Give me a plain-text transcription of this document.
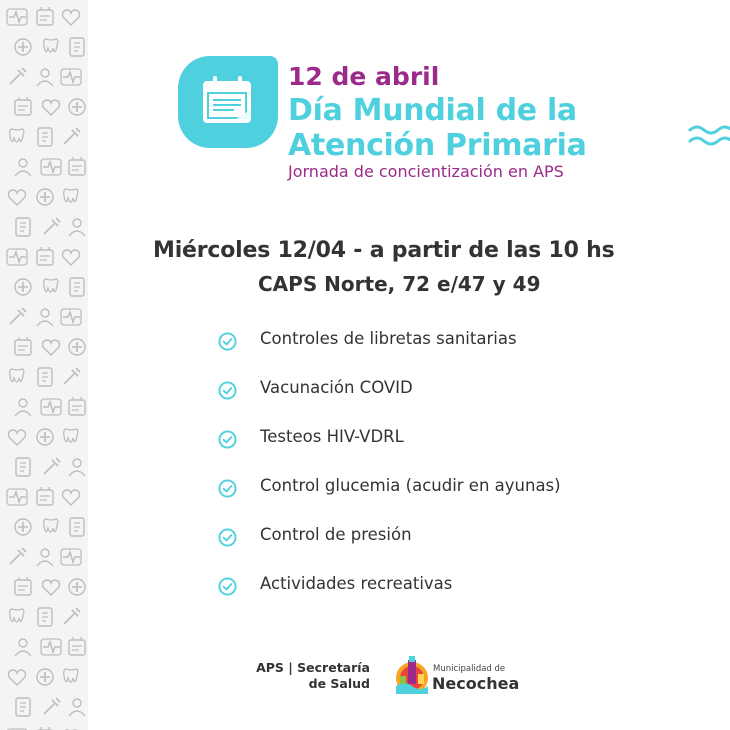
12 de abril
Día Mundial de la
Atención Primaria
Jornada de concientización en APS
Miércoles 12/04 - a partir de las 10 hs
CAPS Norte, 72 e/47 y 49
Controles de libretas sanitarias
Vacunación COVID
Testeos HIV-VDRL
Control glucemia (acudir en ayunas)
Control de presión
Actividades recreativas
APS | Secretaría
de Salud
Municipalidad de
Necochea
